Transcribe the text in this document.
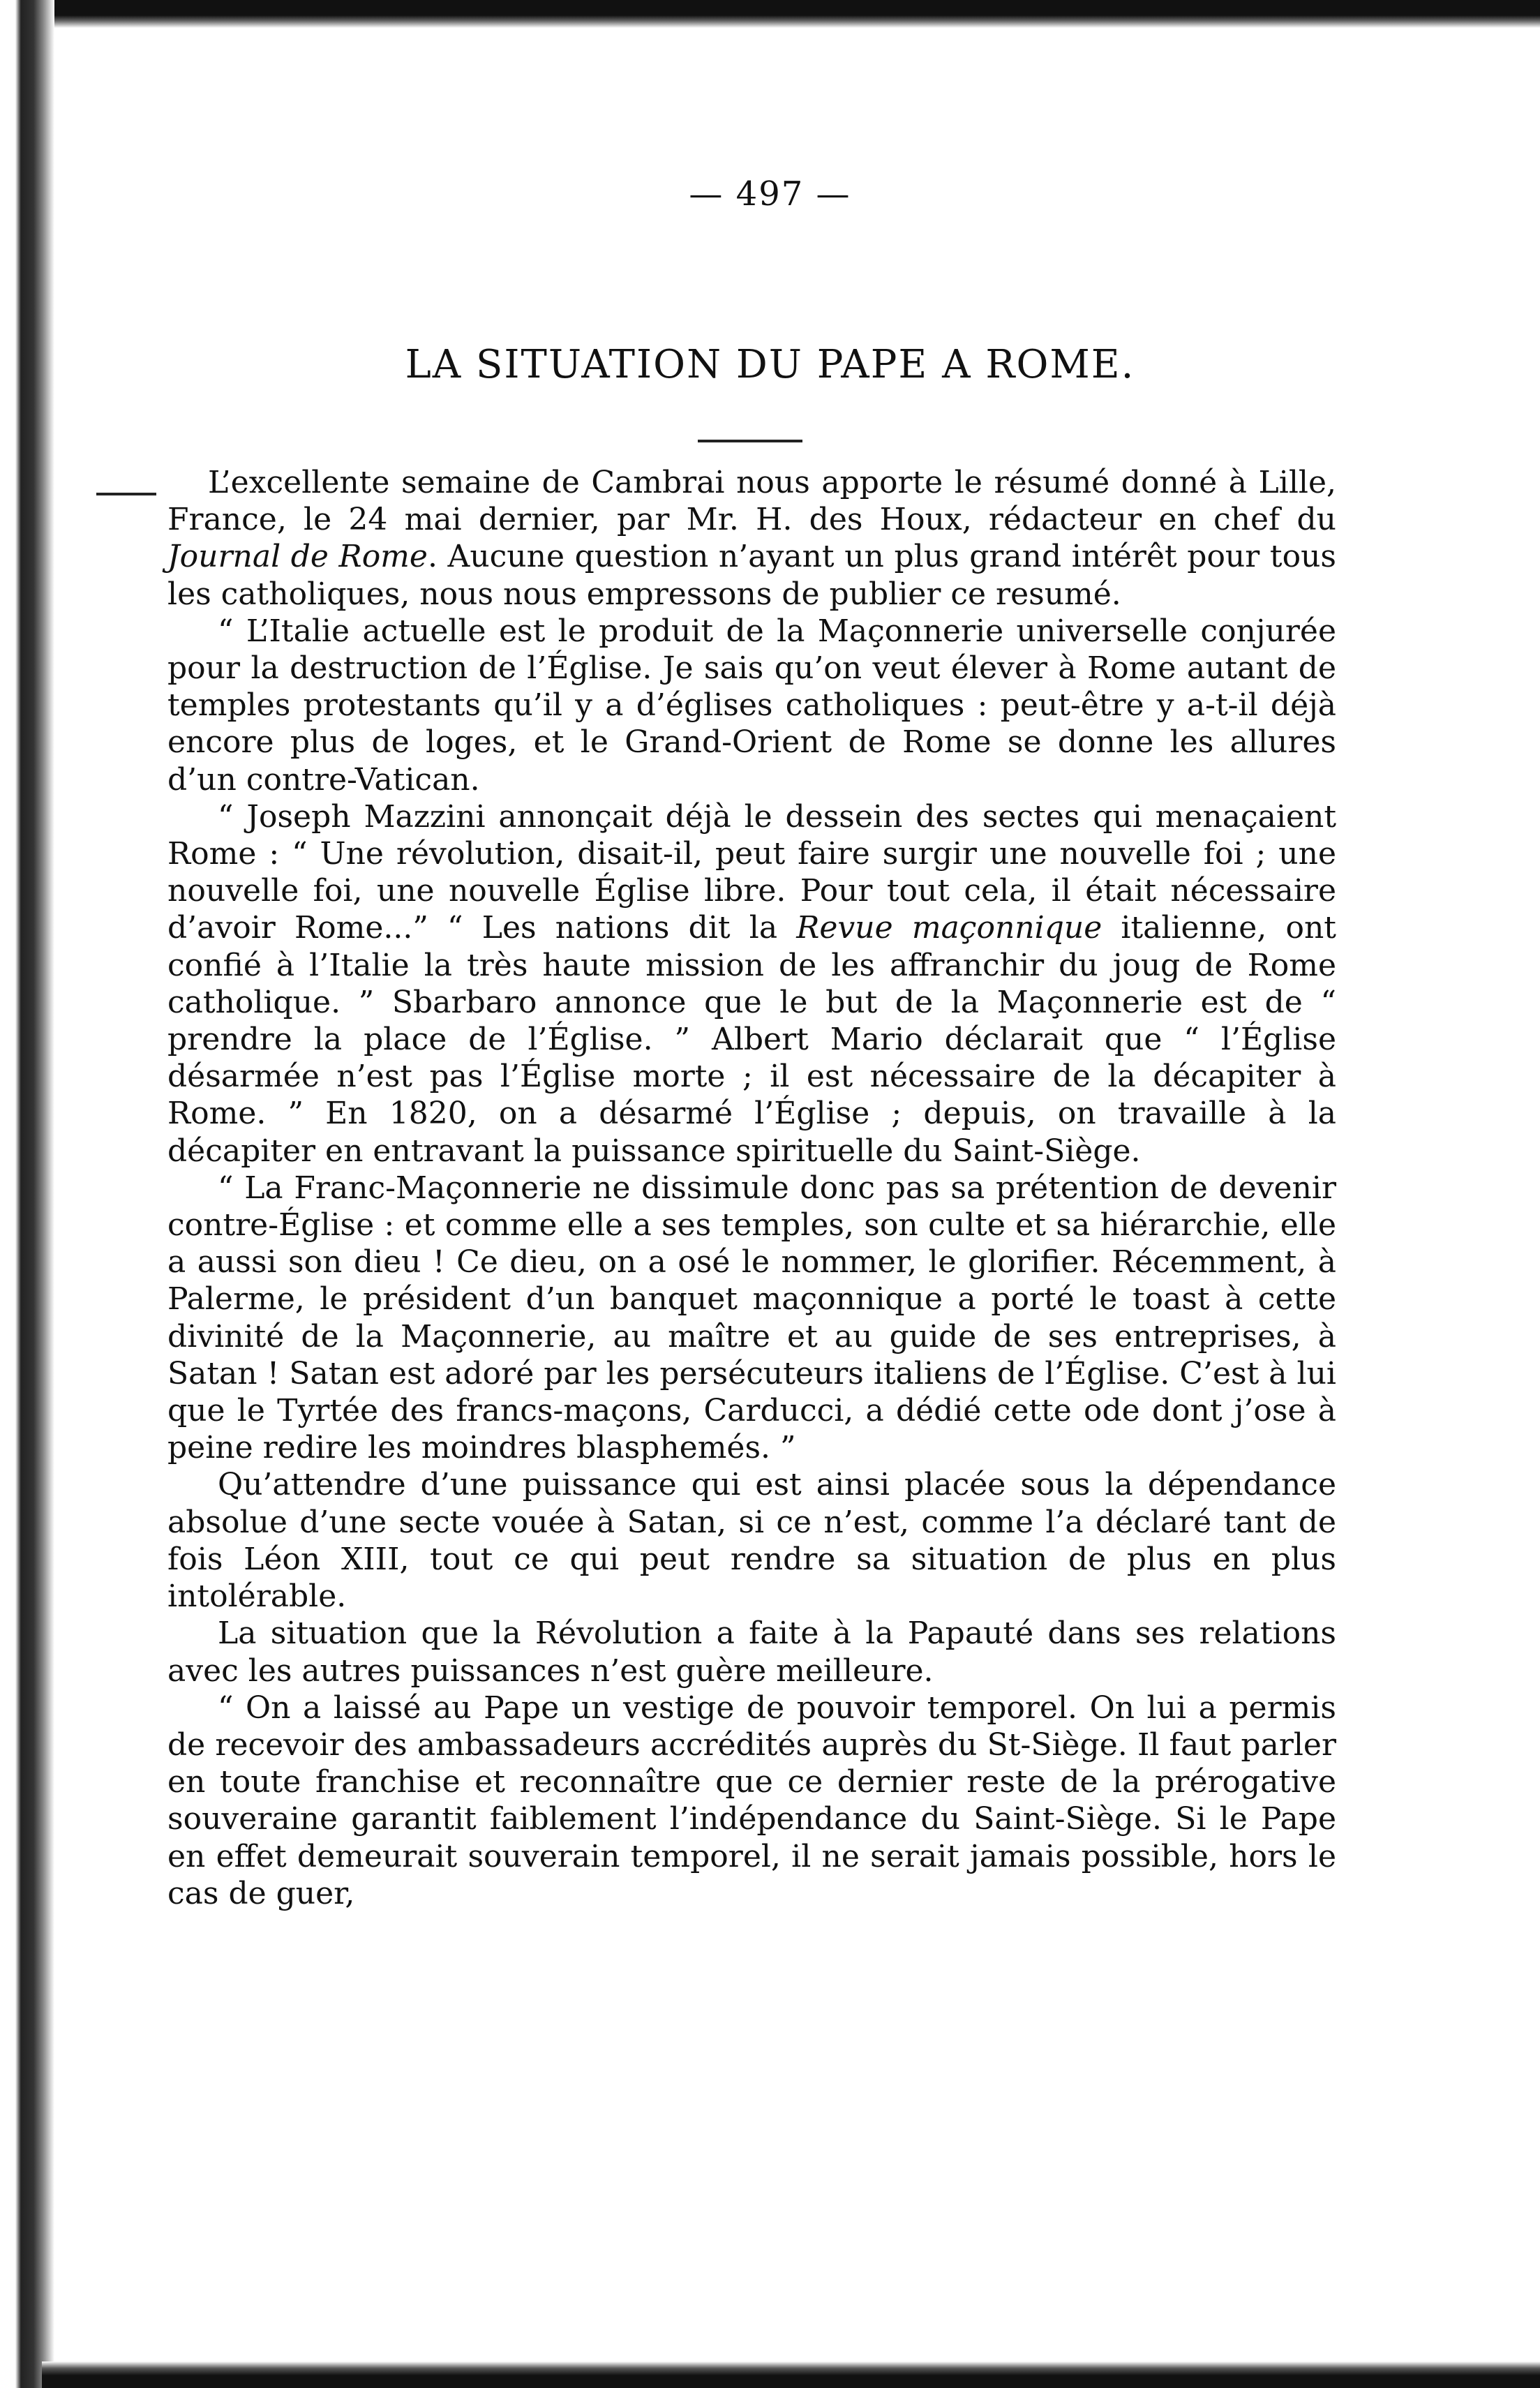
— 497 —
LA SITUATION DU PAPE A ROME.

L’excellente semaine de Cambrai nous apporte le résumé donné à Lille, France, le 24 mai dernier, par Mr. H. des Houx, rédacteur en chef du Journal de Rome. Aucune question n’ayant un plus grand intérêt pour tous les catholiques, nous nous empressons de publier ce resumé.

“ L’Italie actuelle est le produit de la Maçonnerie universelle conjurée pour la destruction de l’Église. Je sais qu’on veut élever à Rome autant de temples protestants qu’il y a d’églises catholiques : peut-être y a-t-il déjà encore plus de loges, et le Grand-Orient de Rome se donne les allures d’un contre-Vatican.

“ Joseph Mazzini annonçait déjà le dessein des sectes qui menaçaient Rome : “ Une révolution, disait-il, peut faire surgir une nouvelle foi ; une nouvelle foi, une nouvelle Église libre. Pour tout cela, il était nécessaire d’avoir Rome...” “ Les nations dit la Revue maçonnique italienne, ont confié à l’Italie la très haute mission de les affranchir du joug de Rome catholique. ” Sbarbaro annonce que le but de la Maçonnerie est de “ prendre la place de l’Église. ” Albert Mario déclarait que “ l’Église désarmée n’est pas l’Église morte ; il est nécessaire de la décapiter à Rome. ” En 1820, on a désarmé l’Église ; depuis, on travaille à la décapiter en entravant la puissance spirituelle du Saint-Siège.

“ La Franc-Maçonnerie ne dissimule donc pas sa prétention de devenir contre-Église : et comme elle a ses temples, son culte et sa hiérarchie, elle a aussi son dieu ! Ce dieu, on a osé le nommer, le glorifier. Récemment, à Palerme, le président d’un banquet maçonnique a porté le toast à cette divinité de la Maçonnerie, au maître et au guide de ses entreprises, à Satan ! Satan est adoré par les persécuteurs italiens de l’Église. C’est à lui que le Tyrtée des francs-maçons, Carducci, a dédié cette ode dont j’ose à peine redire les moindres blasphemés. ”

Qu’attendre d’une puissance qui est ainsi placée sous la dépendance absolue d’une secte vouée à Satan, si ce n’est, comme l’a déclaré tant de fois Léon XIII, tout ce qui peut rendre sa situation de plus en plus intolérable.

La situation que la Révolution a faite à la Papauté dans ses relations avec les autres puissances n’est guère meilleure.

“ On a laissé au Pape un vestige de pouvoir temporel. On lui a permis de recevoir des ambassadeurs accrédités auprès du St-Siège. Il faut parler en toute franchise et reconnaître que ce dernier reste de la prérogative souveraine garantit faiblement l’indépendance du Saint-Siège. Si le Pape en effet demeurait souverain temporel, il ne serait jamais possible, hors le cas de guer,
